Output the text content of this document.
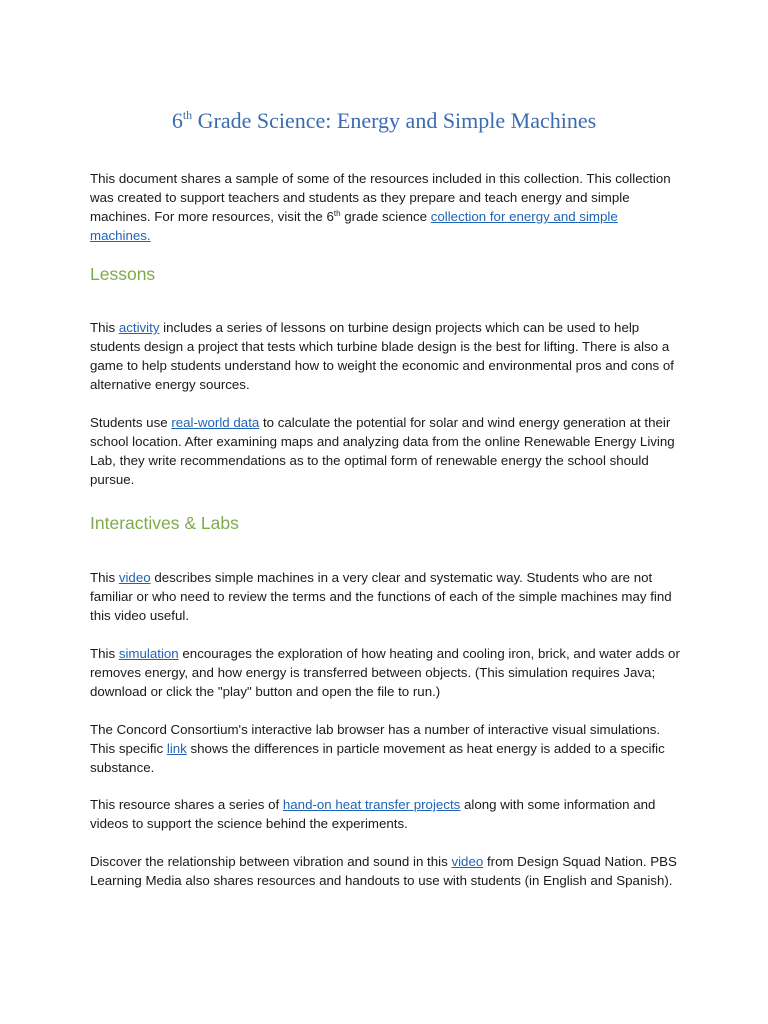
6th Grade Science: Energy and Simple Machines

This document shares a sample of some of the resources included in this collection. This collection was created to support teachers and students as they prepare and teach energy and simple machines. For more resources, visit the 6th grade science collection for energy and simple machines.

Lessons

This activity includes a series of lessons on turbine design projects which can be used to help students design a project that tests which turbine blade design is the best for lifting. There is also a game to help students understand how to weight the economic and environmental pros and cons of alternative energy sources.

Students use real-world data to calculate the potential for solar and wind energy generation at their school location. After examining maps and analyzing data from the online Renewable Energy Living Lab, they write recommendations as to the optimal form of renewable energy the school should pursue.

Interactives & Labs

This video describes simple machines in a very clear and systematic way. Students who are not familiar or who need to review the terms and the functions of each of the simple machines may find this video useful.

This simulation encourages the exploration of how heating and cooling iron, brick, and water adds or removes energy, and how energy is transferred between objects. (This simulation requires Java; download or click the "play" button and open the file to run.)

The Concord Consortium's interactive lab browser has a number of interactive visual simulations. This specific link shows the differences in particle movement as heat energy is added to a specific substance.

This resource shares a series of hand-on heat transfer projects along with some information and videos to support the science behind the experiments.

Discover the relationship between vibration and sound in this video from Design Squad Nation. PBS Learning Media also shares resources and handouts to use with students (in English and Spanish).
